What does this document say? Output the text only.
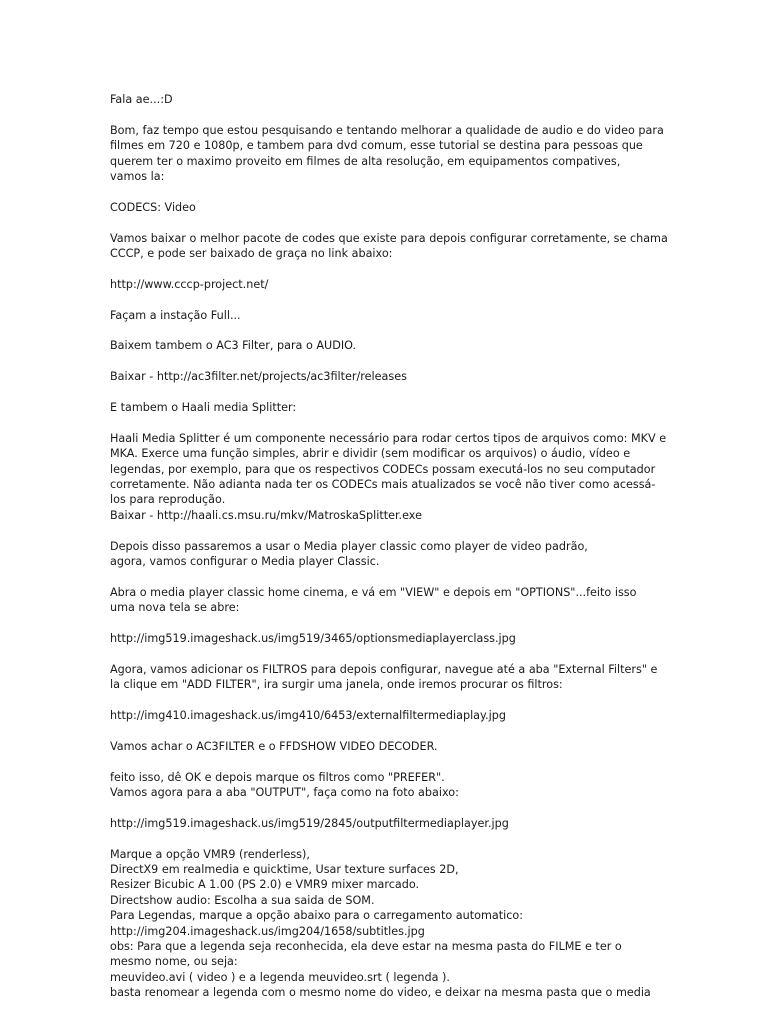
Fala ae...:D
Bom, faz tempo que estou pesquisando e tentando melhorar a qualidade de audio e do video para
filmes em 720 e 1080p, e tambem para dvd comum, esse tutorial se destina para pessoas que
querem ter o maximo proveito em filmes de alta resolução, em equipamentos compatives,
vamos la:
CODECS: Video
Vamos baixar o melhor pacote de codes que existe para depois configurar corretamente, se chama
CCCP, e pode ser baixado de graça no link abaixo:
http://www.cccp-project.net/
Façam a instação Full...
Baixem tambem o AC3 Filter, para o AUDIO.
Baixar - http://ac3filter.net/projects/ac3filter/releases
E tambem o Haali media Splitter:
Haali Media Splitter é um componente necessário para rodar certos tipos de arquivos como: MKV e
MKA. Exerce uma função simples, abrir e dividir (sem modificar os arquivos) o áudio, vídeo e
legendas, por exemplo, para que os respectivos CODECs possam executá-los no seu computador
corretamente. Não adianta nada ter os CODECs mais atualizados se você não tiver como acessá-
los para reprodução.
Baixar - http://haali.cs.msu.ru/mkv/MatroskaSplitter.exe
Depois disso passaremos a usar o Media player classic como player de video padrão,
agora, vamos configurar o Media player Classic.
Abra o media player classic home cinema, e vá em "VIEW" e depois em "OPTIONS"...feito isso
uma nova tela se abre:
http://img519.imageshack.us/img519/3465/optionsmediaplayerclass.jpg
Agora, vamos adicionar os FILTROS para depois configurar, navegue até a aba "External Filters" e
la clique em "ADD FILTER", ira surgir uma janela, onde iremos procurar os filtros:
http://img410.imageshack.us/img410/6453/externalfiltermediaplay.jpg
Vamos achar o AC3FILTER e o FFDSHOW VIDEO DECODER.
feito isso, dê OK e depois marque os filtros como "PREFER".
Vamos agora para a aba "OUTPUT", faça como na foto abaixo:
http://img519.imageshack.us/img519/2845/outputfiltermediaplayer.jpg
Marque a opção VMR9 (renderless),
DirectX9 em realmedia e quicktime, Usar texture surfaces 2D,
Resizer Bicubic A 1.00 (PS 2.0) e VMR9 mixer marcado.
Directshow audio: Escolha a sua saida de SOM.
Para Legendas, marque a opção abaixo para o carregamento automatico:
http://img204.imageshack.us/img204/1658/subtitles.jpg
obs: Para que a legenda seja reconhecida, ela deve estar na mesma pasta do FILME e ter o
mesmo nome, ou seja:
meuvideo.avi ( video ) e a legenda meuvideo.srt ( legenda ).
basta renomear a legenda com o mesmo nome do video, e deixar na mesma pasta que o media
